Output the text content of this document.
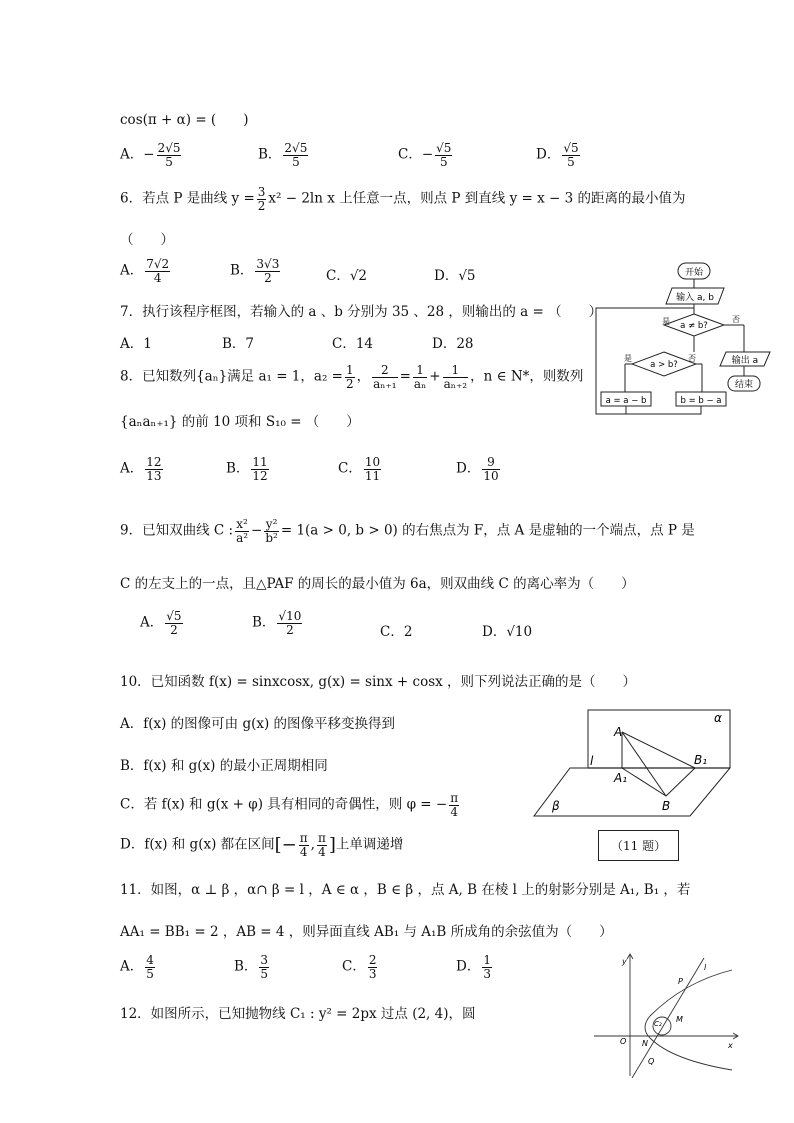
cos(π + α) = (　　)
A．− $\frac{2√5}{5}$	B． $\frac{2√5}{5}$	C．− $\frac{√5}{5}$	D． $\frac{√5}{5}$
6．若点 P 是曲线 $y = \frac{3}{2} x^2 - 2\ln$ x 上任意一点，则点 P 到直线 y = x − 3 的距离的最小值为
（　　）
A． $\frac{7√2}{4}$	B． $\frac{3√3}{2}$	C．√2	D．√5
7．执行该程序框图，若输入的 a 、b 分别为 35 、28 ，则输出的 a = （　　）
A．1	B．7	C．14	D．28
开始
输入 a, b
a ≠ b?
是	否
a > b?
是	否
a = a − b	b = b − a
输出 a
结束
8．已知数列{aₙ}满足 a₁ = 1，$a_2 = \frac{1}{2}$ ， $\frac{2}{\text{aₙ₊₁}} = \frac{1}{\text{aₙ}} + \frac{1}{\text{aₙ₊₂}}$ ，n ∈ N*，则数列
{aₙaₙ₊₁} 的前 10 项和 S₁₀ = （　　）
A． $\frac{12}{13}$	B． $\frac{11}{12}$	C． $\frac{10}{11}$	D． $\frac{9}{10}$
9．已知双曲线 C : $\frac{\text{x²}}{\text{a²}} - \frac{\text{y²}}{\text{b²}} = 1(a > 0$, b > 0) 的右焦点为 F，点 A 是虚轴的一个端点，点 P 是
C 的左支上的一点，且△PAF 的周长的最小值为 6a，则双曲线 C 的离心率为（　　）
A． $\frac{√5}{2}$	B． $\frac{√10}{2}$	C．2	D．√10
10．已知函数 f(x) = sinxcosx, g(x) = sinx + cosx ，则下列说法正确的是（　　）
A．f(x) 的图像可由 g(x) 的图像平移变换得到
B．f(x) 和 g(x) 的最小正周期相同
C．若 f(x) 和 g(x + φ) 具有相同的奇偶性，则 φ = − $\frac{\pi}{4}$
D．f(x) 和 g(x) 都在区间[− $\frac{\pi}{4}$ , $\frac{\pi}{4}$ ]上单调递增
α
β
l
A
A₁
B
B₁
（11 题）
11．如图，α ⊥ β ，α∩ β = l ，A ∈ α ，B ∈ β ，点 A, B 在棱 l 上的射影分别是 A₁, B₁ ，若
AA₁ = BB₁ = 2 ，AB = 4 ，则异面直线 AB₁ 与 A₁B 所成角的余弦值为（　　）
A． $\frac{4}{5}$	B． $\frac{3}{5}$	C． $\frac{2}{3}$	D． $\frac{1}{3}$
12．如图所示，已知抛物线 C₁ : y² = 2px 过点 (2, 4)，圆
y
x
O
P
M
N
Q
C₂
l
